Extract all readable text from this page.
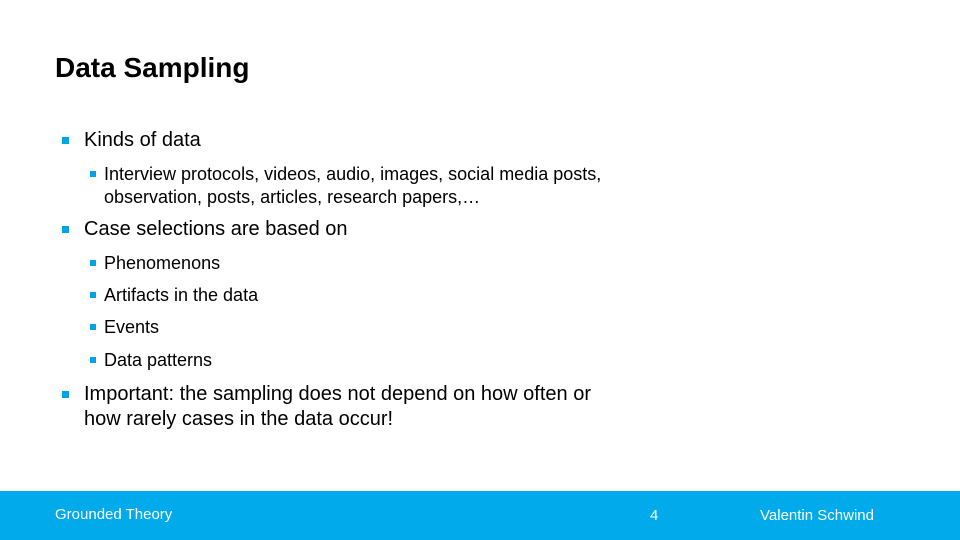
Data Sampling
Kinds of data
Interview protocols, videos, audio, images, social media posts,
observation, posts, articles, research papers,…
Case selections are based on
Phenomenons
Artifacts in the data
Events
Data patterns
Important: the sampling does not depend on how often or
how rarely cases in the data occur!
Grounded Theory	4	Valentin Schwind
